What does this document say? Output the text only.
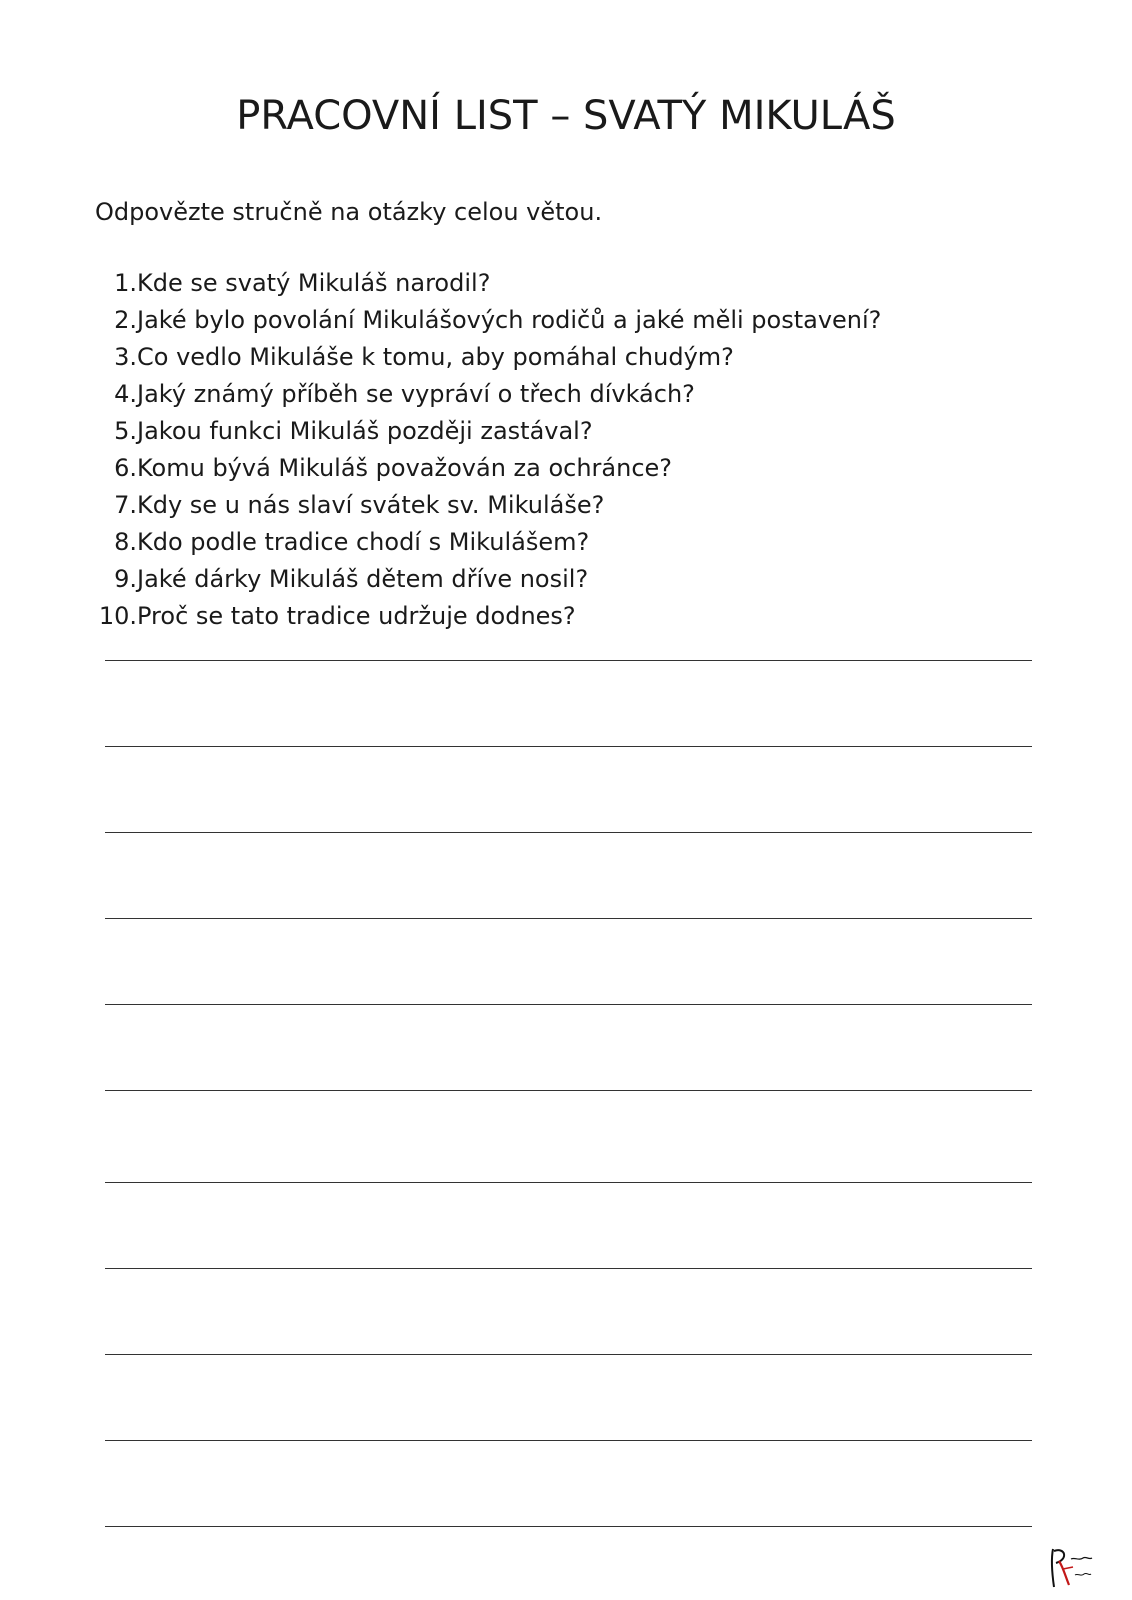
PRACOVNÍ LIST – SVATÝ MIKULÁŠ

Odpovězte stručně na otázky celou větou.

1. Kde se svatý Mikuláš narodil?
2. Jaké bylo povolání Mikulášových rodičů a jaké měli postavení?
3. Co vedlo Mikuláše k tomu, aby pomáhal chudým?
4. Jaký známý příběh se vypráví o třech dívkách?
5. Jakou funkci Mikuláš později zastával?
6. Komu bývá Mikuláš považován za ochránce?
7. Kdy se u nás slaví svátek sv. Mikuláše?
8. Kdo podle tradice chodí s Mikulášem?
9. Jaké dárky Mikuláš dětem dříve nosil?
10. Proč se tato tradice udržuje dodnes?
